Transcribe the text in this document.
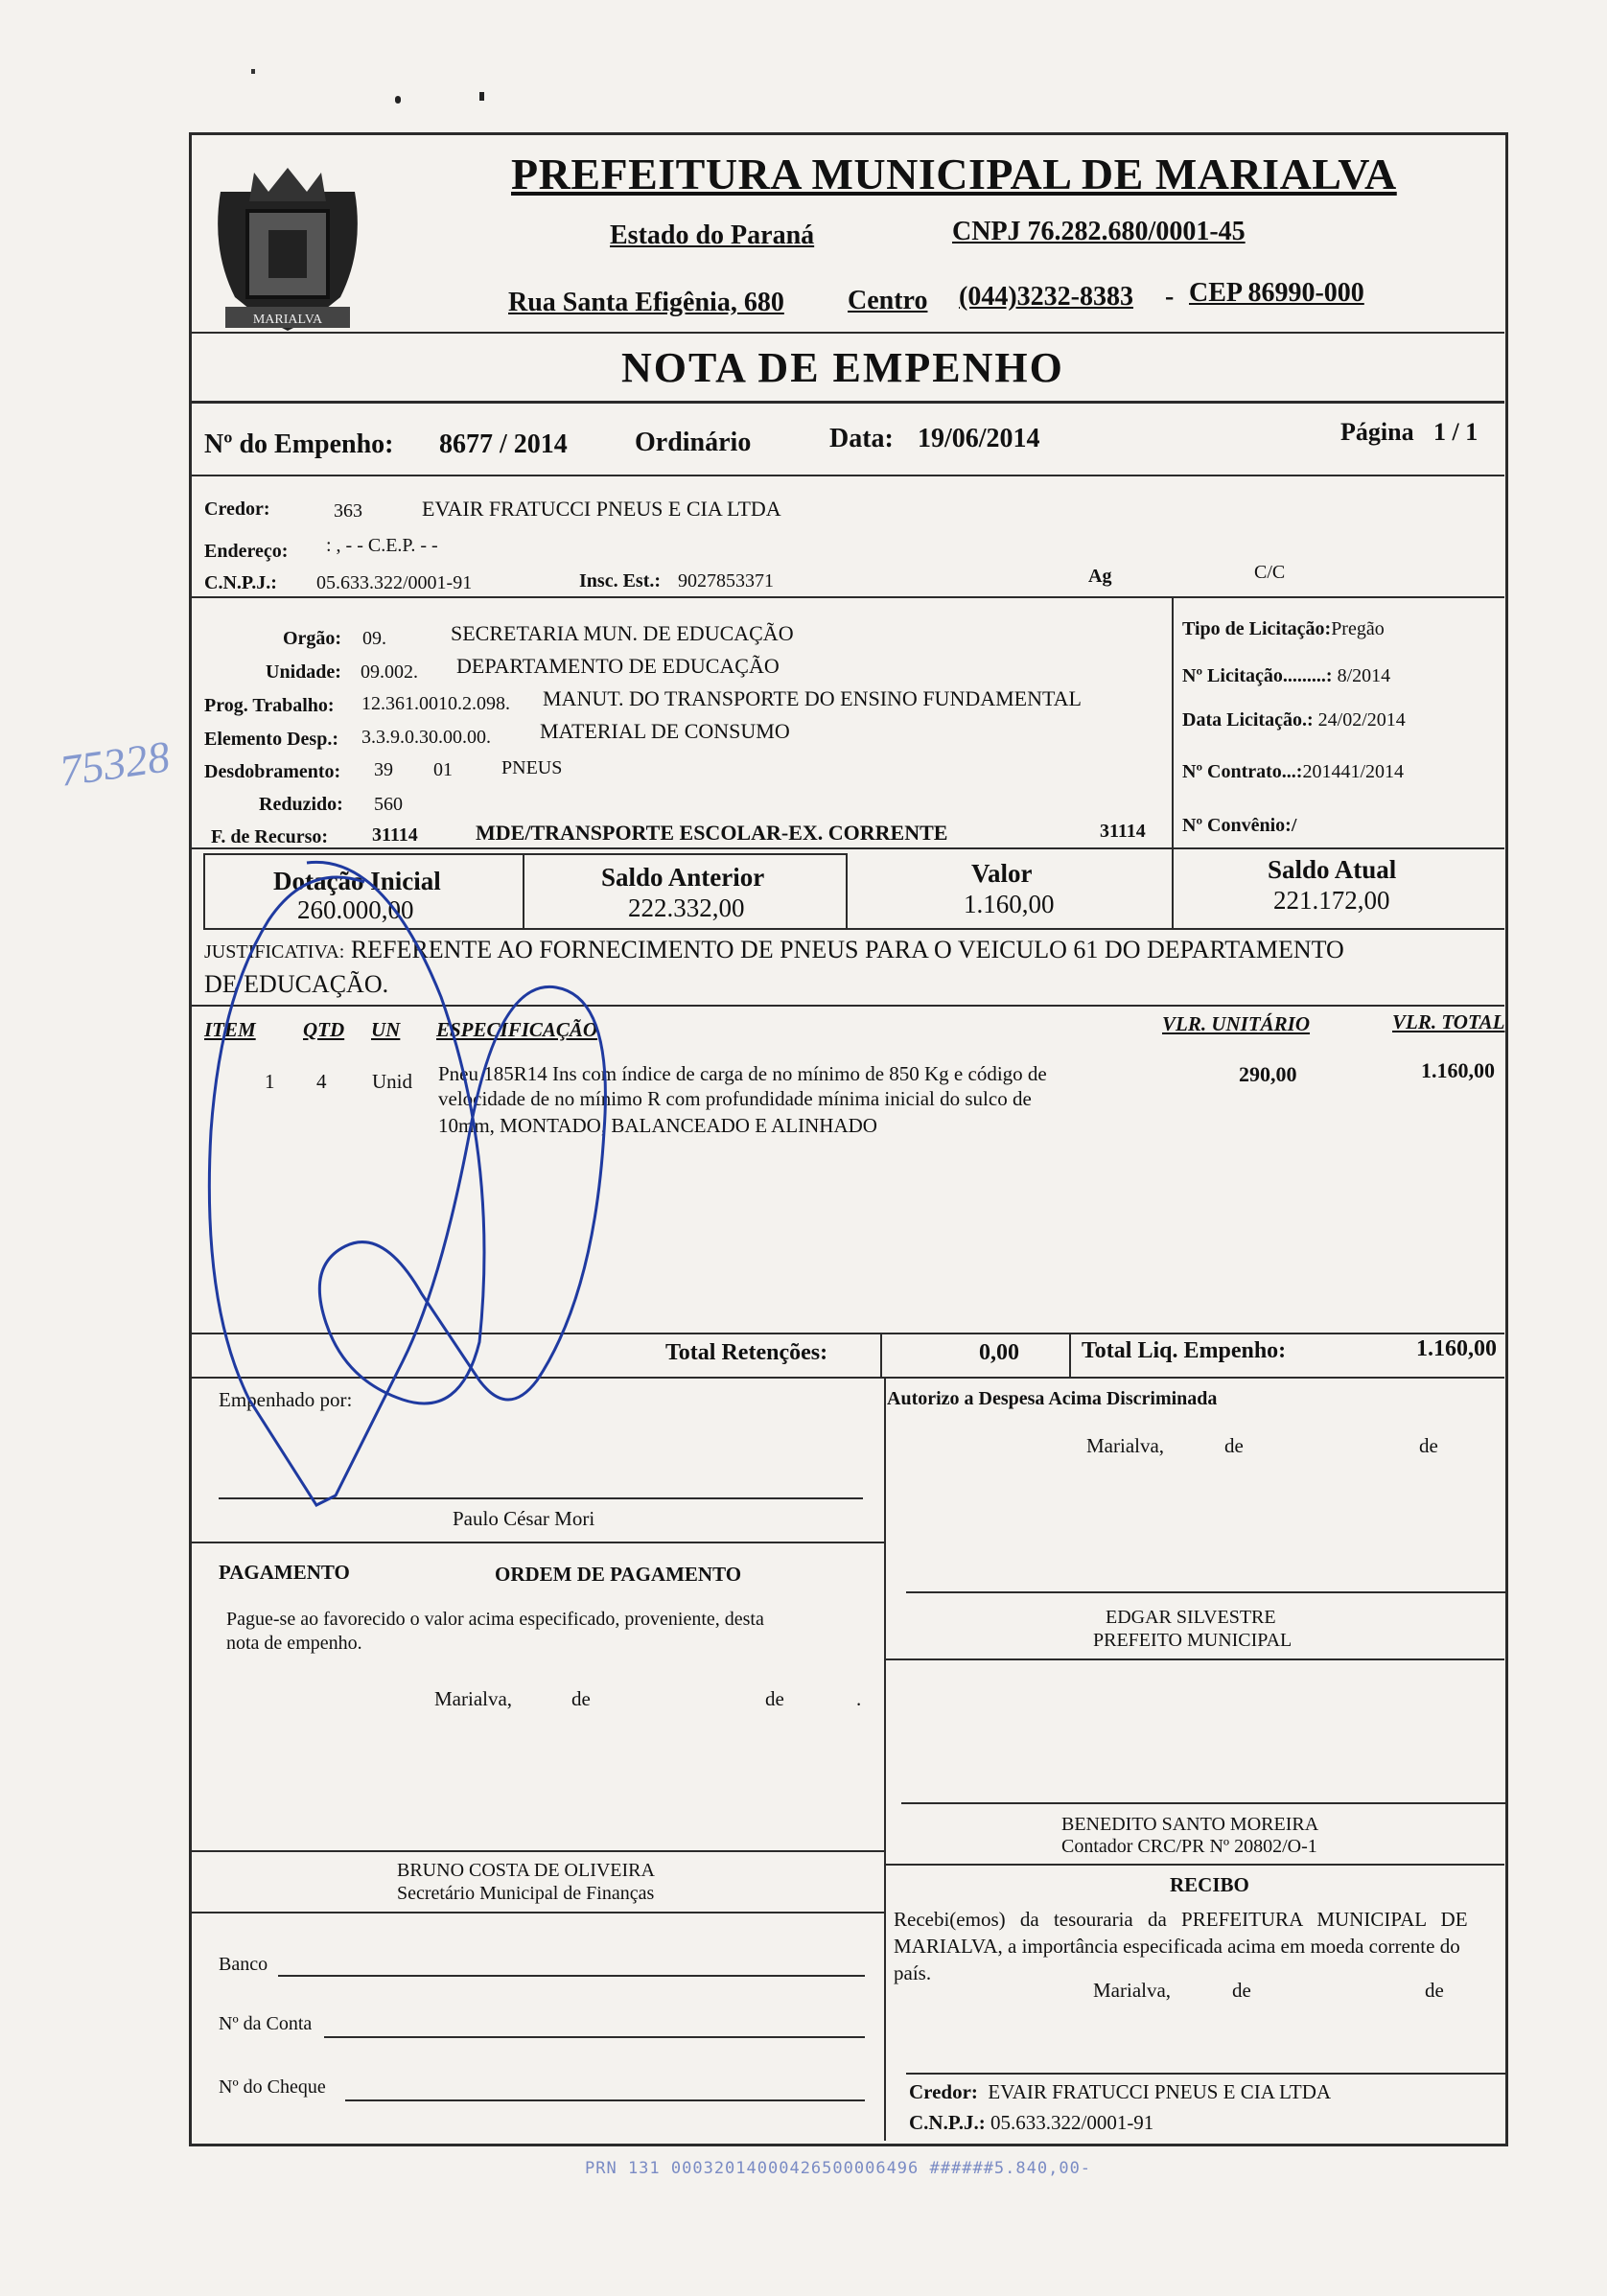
75328
MARIALVA
PREFEITURA MUNICIPAL DE MARIALVA
Estado do Paraná	CNPJ 76.282.680/0001-45
Rua Santa Efigênia, 680 Centro (044)3232-8383 - CEP 86990-000
NOTA DE EMPENHO
Nº do Empenho: 8677 / 2014	Ordinário	Data: 19/06/2014	Página 1 / 1
Credor:	363	EVAIR FRATUCCI PNEUS E CIA LTDA
Endereço: : , - - C.E.P. - -
C.N.P.J.: 05.633.322/0001-91	Insc. Est.: 9027853371	Ag	C/C
Orgão: 09.	SECRETARIA MUN. DE EDUCAÇÃO
Unidade: 09.002. DEPARTAMENTO DE EDUCAÇÃO
Prog. Trabalho: 12.361.0010.2.098. MANUT. DO TRANSPORTE DO ENSINO FUNDAMENTAL
Elemento Desp.: 3.3.9.0.30.00.00. MATERIAL DE CONSUMO
Desdobramento: 39 01	PNEUS
Reduzido: 560
F. de Recurso: 31114	MDE/TRANSPORTE ESCOLAR-EX. CORRENTE	31114
Tipo de Licitação:Pregão
Nº Licitação.........: 8/2014
Data Licitação.: 24/02/2014
Nº Contrato...:201441/2014
Nº Convênio:/
Dotação Inicial
260.000,00
Saldo Anterior
222.332,00
Valor
1.160,00
Saldo Atual
221.172,00
JUSTIFICATIVA: REFERENTE AO FORNECIMENTO DE PNEUS PARA O VEICULO 61 DO DEPARTAMENTO
DE EDUCAÇÃO.
ITEM QTD UN ESPECIFICAÇÃO	VLR. UNITÁRIO	VLR. TOTAL
1 4 Unid Pneu 185R14 Ins com índice de carga de no mínimo de 850 Kg e código de
velocidade de no mínimo R com profundidade mínima inicial do sulco de
10mm, MONTADO, BALANCEADO E ALINHADO
290,00	1.160,00
Total Retenções:	0,00	Total Liq. Empenho:	1.160,00
Empenhado por:
Paulo César Mori
Autorizo a Despesa Acima Discriminada
Marialva,	de	de
EDGAR SILVESTRE
PREFEITO MUNICIPAL
BENEDITO SANTO MOREIRA
Contador CRC/PR Nº 20802/O-1
PAGAMENTO	ORDEM DE PAGAMENTO
Pague-se ao favorecido o valor acima especificado, proveniente, desta
nota de empenho.
Marialva,	de	de	.
BRUNO COSTA DE OLIVEIRA
Secretário Municipal de Finanças
Banco
Nº da Conta
Nº do Cheque
RECIBO
Recebi(emos) da tesouraria da PREFEITURA MUNICIPAL DE
MARIALVA, a importância especificada acima em moeda corrente do
país.
Marialva,	de	de
Credor: EVAIR FRATUCCI PNEUS E CIA LTDA
C.N.P.J.: 05.633.322/0001-91
PRN 131 00032014000426500006496 ######5.840,00-
